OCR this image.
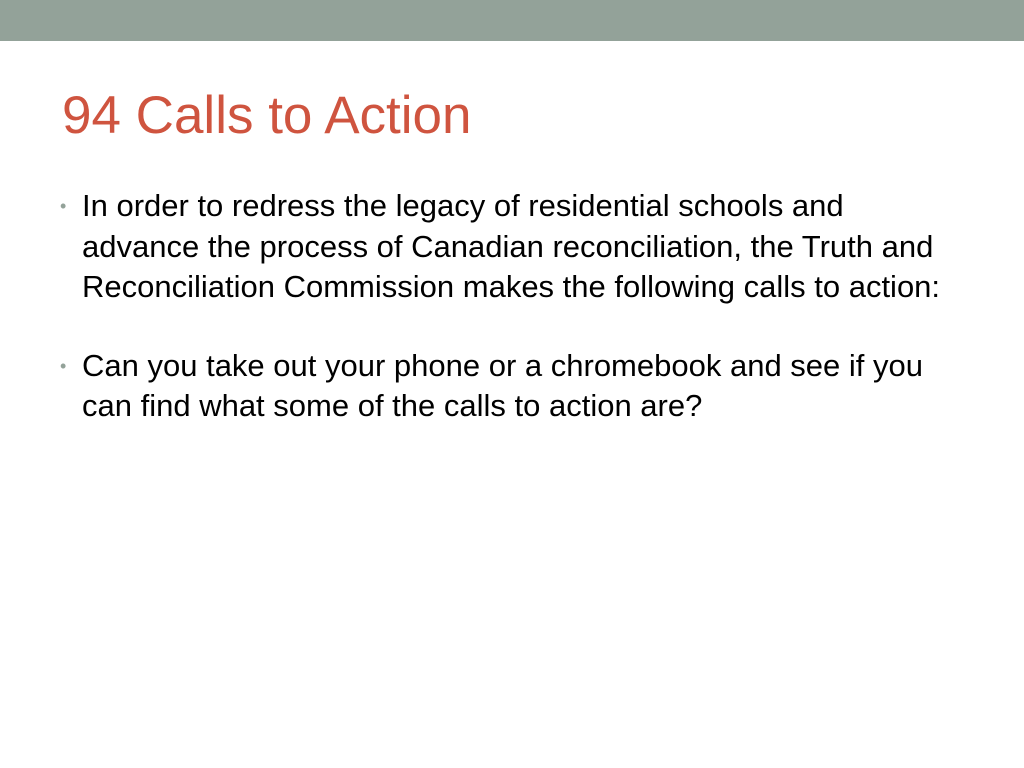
94 Calls to Action
• In order to redress the legacy of residential schools and advance the process of Canadian reconciliation, the Truth and Reconciliation Commission makes the following calls to action:
• Can you take out your phone or a chromebook and see if you can find what some of the calls to action are?
